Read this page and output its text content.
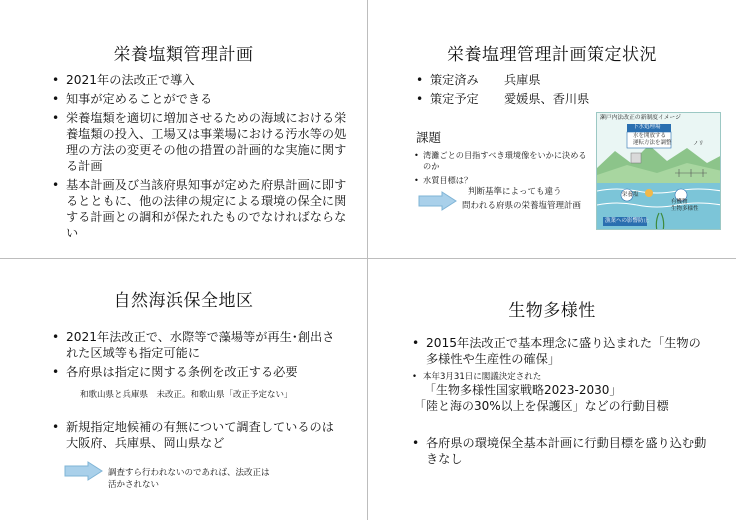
栄養塩類管理計画
• 2021年の法改正で導入
• 知事が定めることができる
• 栄養塩類を適切に増加させるための海域における栄養塩類の投入、工場又は事業場における汚水等の処理の方法の変更その他の措置の計画的な実施に関する計画
• 基本計画及び当該府県知事が定めた府県計画に即するとともに、他の法律の規定による環境の保全に関する計画との調和が保たれたものでなければならない
栄養塩理管理計画策定状況
• 策定済み 兵庫県
• 策定予定 愛媛県、香川県
課題
• 湾灘ごとの目指すべき環境像をいかに決めるのか
• 水質目標は？
判断基準によっても違う
問われる府県の栄養塩管理計画
瀬戸内法改正の新制度イメージ
下水処理場
水を開放する
運転方法を調整
栄養塩
有機物
生物多様性
ノリ
漁業への影響防止
自然海浜保全地区
• 2021年法改正で、水際等で藻場等が再生･創出された区域等も指定可能に
• 各府県は指定に関する条例を改正する必要
和歌山県と兵庫県　未改正。和歌山県「改正予定ない」
• 新規指定地候補の有無について調査しているのは大阪府、兵庫県、岡山県など
調査すら行われないのであれば、法改正は
活かされない
生物多様性
• 2015年法改正で基本理念に盛り込まれた「生物の多様性や生産性の確保」
• 本年3月31日に閣議決定された
「生物多様性国家戦略2023-2030」
「陸と海の30%以上を保護区」などの行動目標
• 各府県の環境保全基本計画に行動目標を盛り込む動きなし
